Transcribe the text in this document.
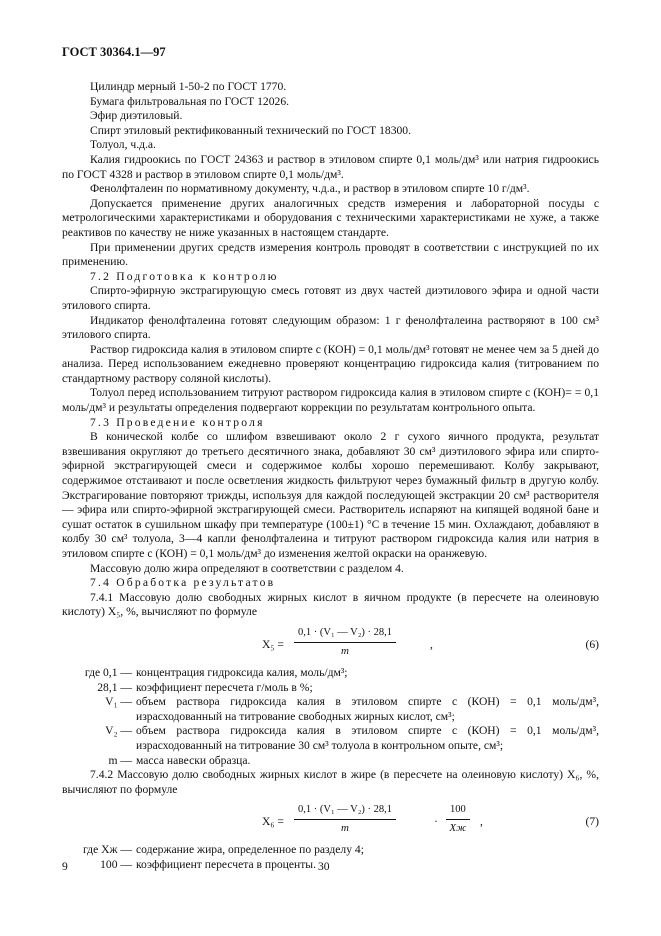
ГОСТ 30364.1—97

Цилиндр мерный 1-50-2 по ГОСТ 1770.

Бумага фильтровальная по ГОСТ 12026.

Эфир диэтиловый.

Спирт этиловый ректификованный технический по ГОСТ 18300.

Толуол, ч.д.а.

Калия гидроокись по ГОСТ 24363 и раствор в этиловом спирте 0,1 моль/дм³ или натрия гидроокись по ГОСТ 4328 и раствор в этиловом спирте 0,1 моль/дм³.

Фенолфталеин по нормативному документу, ч.д.а., и раствор в этиловом спирте 10 г/дм³.

Допускается применение других аналогичных средств измерения и лабораторной посуды с метрологическими характеристиками и оборудования с техническими характеристиками не хуже, а также реактивов по качеству не ниже указанных в настоящем стандарте.

При применении других средств измерения контроль проводят в соответствии с инструкцией по их применению.

7.2 Подготовка к контролю

Спирто-эфирную экстрагирующую смесь готовят из двух частей диэтилового эфира и одной части этилового спирта.

Индикатор фенолфталеина готовят следующим образом: 1 г фенолфталеина растворяют в 100 см³ этилового спирта.

Раствор гидроксида калия в этиловом спирте с (КОН) = 0,1 моль/дм³ готовят не менее чем за 5 дней до анализа. Перед использованием ежедневно проверяют концентрацию гидроксида калия (титрованием по стандартному раствору соляной кислоты).

Толуол перед использованием титруют раствором гидроксида калия в этиловом спирте с (КОН)= = 0,1 моль/дм³ и результаты определения подвергают коррекции по результатам контрольного опыта.

7.3 Проведение контроля

В конической колбе со шлифом взвешивают около 2 г сухого яичного продукта, результат взвешивания округляют до третьего десятичного знака, добавляют 30 см³ диэтилового эфира или спирто-эфирной экстрагирующей смеси и содержимое колбы хорошо перемешивают. Колбу закрывают, содержимое отстаивают и после осветления жидкость фильтруют через бумажный фильтр в другую колбу. Экстрагирование повторяют трижды, используя для каждой последующей экстракции 20 см³ растворителя — эфира или спирто-эфирной экстрагирующей смеси. Растворитель испаряют на кипящей водяной бане и сушат остаток в сушильном шкафу при температуре (100±1) °С в течение 15 мин. Охлаждают, добавляют в колбу 30 см³ толуола, 3—4 капли фенолфталеина и титруют раствором гидроксида калия или натрия в этиловом спирте с (КОН) = 0,1 моль/дм³ до изменения желтой окраски на оранжевую.

Массовую долю жира определяют в соответствии с разделом 4.

7.4 Обработка результатов

7.4.1 Массовую долю свободных жирных кислот в яичном продукте (в пересчете на олеиновую кислоту) X₅, %, вычисляют по формуле

$X_5 = \frac{\text{0,1 · (V₁ — V₂) · 28,1}}{m}$	,	(6)
где 0,1 — концентрация гидроксида калия, моль/дм³;
28,1 — коэффициент пересчета г/моль в %;
V₁ — объем раствора гидроксида калия в этиловом спирте с (КОН) = 0,1 моль/дм³, израсходованный на титрование свободных жирных кислот, см³;
V₂ — объем раствора гидроксида калия в этиловом спирте с (КОН) = 0,1 моль/дм³, израсходованный на титрование 30 см³ толуола в контрольном опыте, см³;
m — масса навески образца.

7.4.2 Массовую долю свободных жирных кислот в жире (в пересчете на олеиновую кислоту) X₆, %, вычисляют по формуле

$X_6 = \frac{\text{0,1 · (V₁ — V₂) · 28,1}}{m}$	·
100
Xж ,	(7)
где Xж — содержание жира, определенное по разделу 4;
100 — коэффициент пересчета в проценты.
9	30
